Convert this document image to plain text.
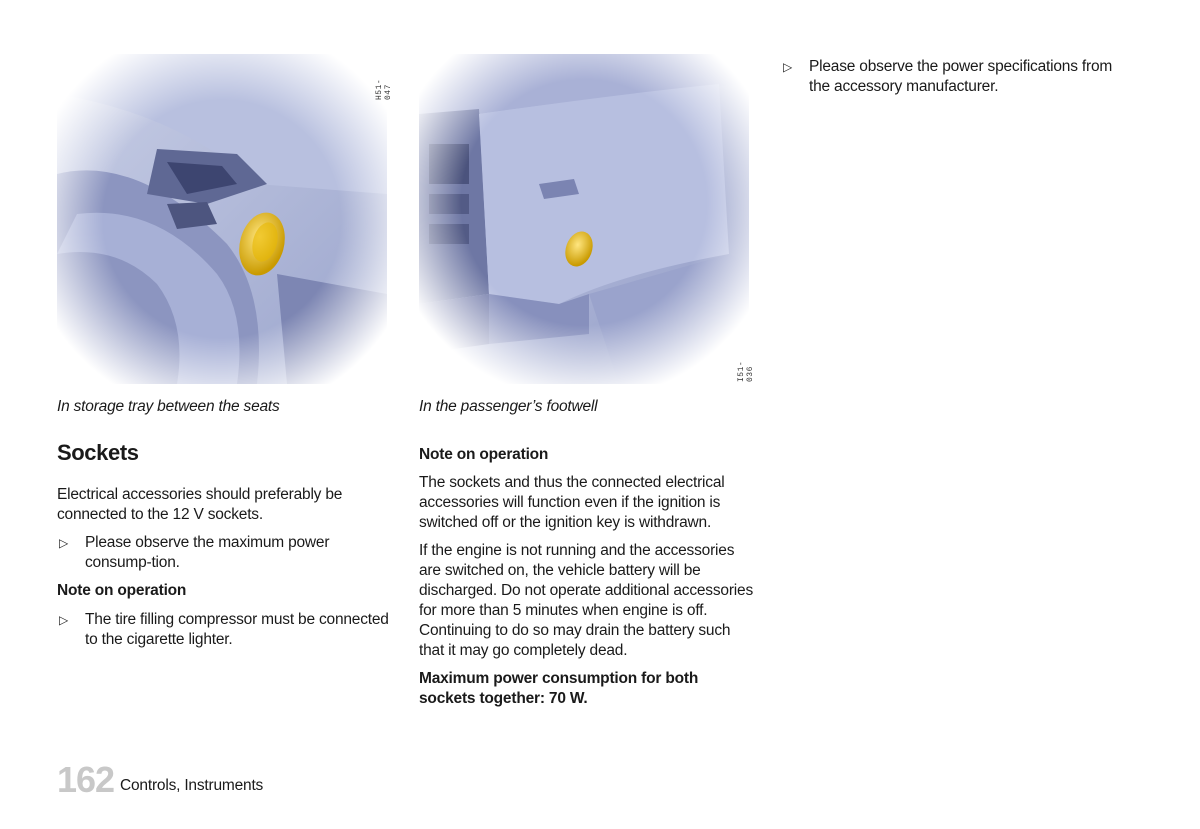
H51-047
In storage tray between the seats
Sockets

Electrical accessories should preferably be connected to the 12 V sockets.

▷ Please observe the maximum power consump-tion.

Note on operation

▷ The tire filling compressor must be connected to the cigarette lighter.

I51-036
In the passenger’s footwell

Note on operation

The sockets and thus the connected electrical accessories will function even if the ignition is switched off or the ignition key is withdrawn.

If the engine is not running and the accessories are switched on, the vehicle battery will be discharged. Do not operate additional accessories for more than 5 minutes when engine is off. Continuing to do so may drain the battery such that it may go completely dead.

Maximum power consumption for both sockets together: 70 W.

▷ Please observe the power specifications from the accessory manufacturer.

162 Controls, Instruments
